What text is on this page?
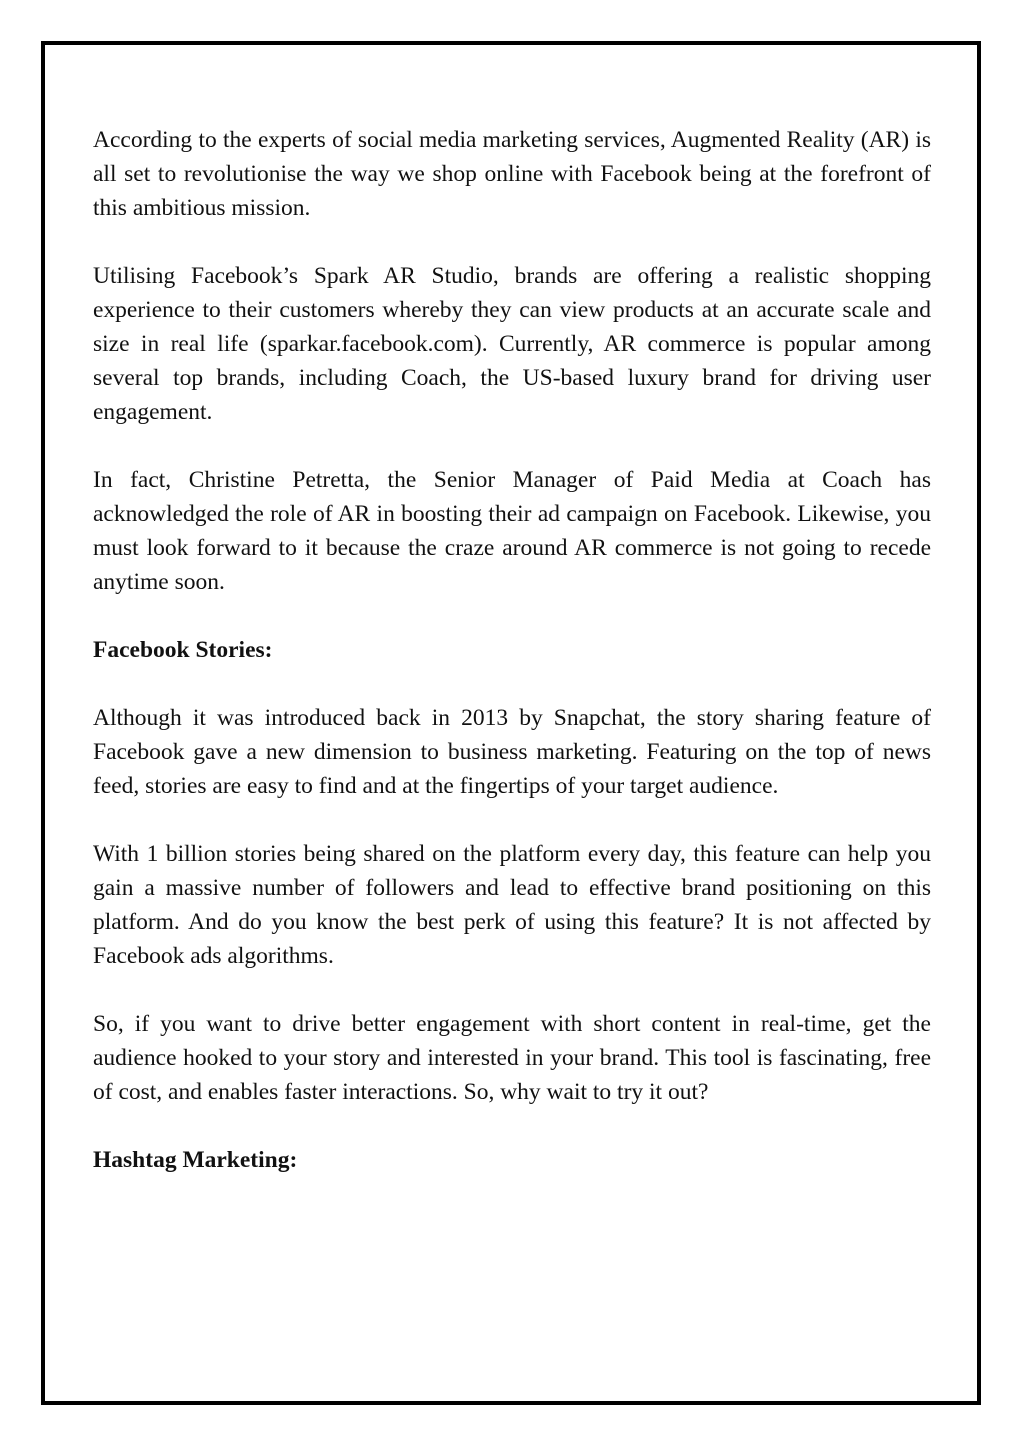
According to the experts of social media marketing services, Augmented Reality (AR) is all set to revolutionise the way we shop online with Facebook being at the forefront of this ambitious mission.

Utilising Facebook’s Spark AR Studio, brands are offering a realistic shopping experience to their customers whereby they can view products at an accurate scale and size in real life (sparkar.facebook.com). Currently, AR commerce is popular among several top brands, including Coach, the US-based luxury brand for driving user engagement.

In fact, Christine Petretta, the Senior Manager of Paid Media at Coach has acknowledged the role of AR in boosting their ad campaign on Facebook. Likewise, you must look forward to it because the craze around AR commerce is not going to recede anytime soon.

Facebook Stories:

Although it was introduced back in 2013 by Snapchat, the story sharing feature of Facebook gave a new dimension to business marketing. Featuring on the top of news feed, stories are easy to find and at the fingertips of your target audience.

With 1 billion stories being shared on the platform every day, this feature can help you gain a massive number of followers and lead to effective brand positioning on this platform. And do you know the best perk of using this feature? It is not affected by Facebook ads algorithms.

So, if you want to drive better engagement with short content in real-time, get the audience hooked to your story and interested in your brand. This tool is fascinating, free of cost, and enables faster interactions. So, why wait to try it out?

Hashtag Marketing:
